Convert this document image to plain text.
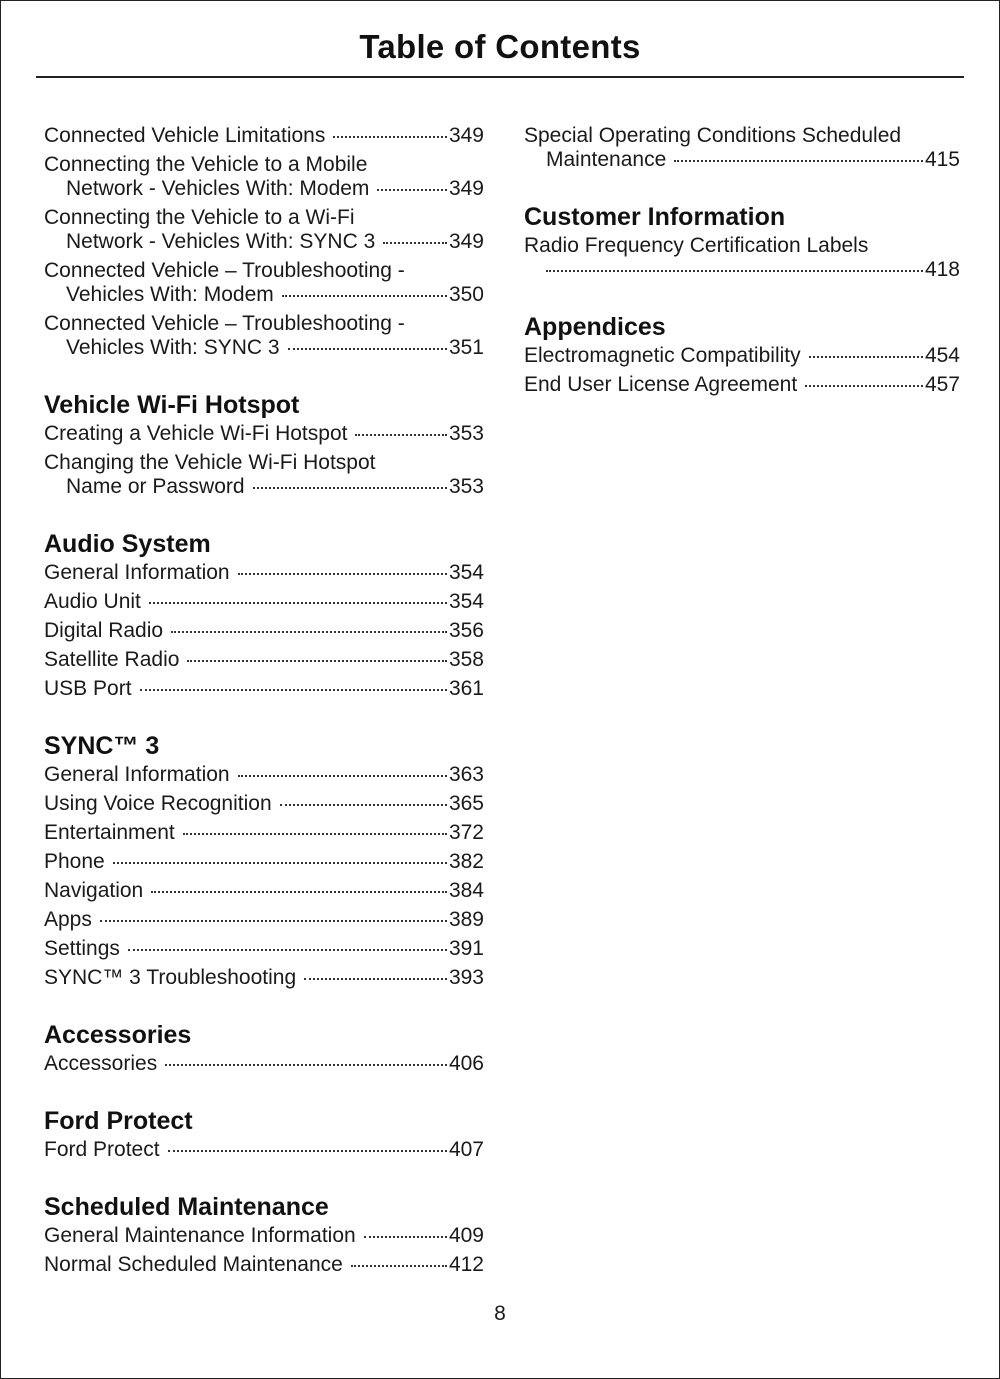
Table of Contents
Connected Vehicle Limitations	349
Connecting the Vehicle to a Mobile
Network - Vehicles With: Modem	349
Connecting the Vehicle to a Wi-Fi
Network - Vehicles With: SYNC 3	349
Connected Vehicle – Troubleshooting -
Vehicles With: Modem	350
Connected Vehicle – Troubleshooting -
Vehicles With: SYNC 3	351
Vehicle Wi-Fi Hotspot
Creating a Vehicle Wi-Fi Hotspot	353
Changing the Vehicle Wi-Fi Hotspot
Name or Password	353
Audio System
General Information	354
Audio Unit	354
Digital Radio	356
Satellite Radio	358
USB Port	361
SYNC™ 3
General Information	363
Using Voice Recognition	365
Entertainment	372
Phone	382
Navigation	384
Apps	389
Settings	391
SYNC™ 3 Troubleshooting	393
Accessories
Accessories	406
Ford Protect
Ford Protect	407
Scheduled Maintenance
General Maintenance Information	409
Normal Scheduled Maintenance	412
Special Operating Conditions Scheduled
Maintenance	415
Customer Information
Radio Frequency Certification Labels
418
Appendices
Electromagnetic Compatibility	454
End User License Agreement	457
8
